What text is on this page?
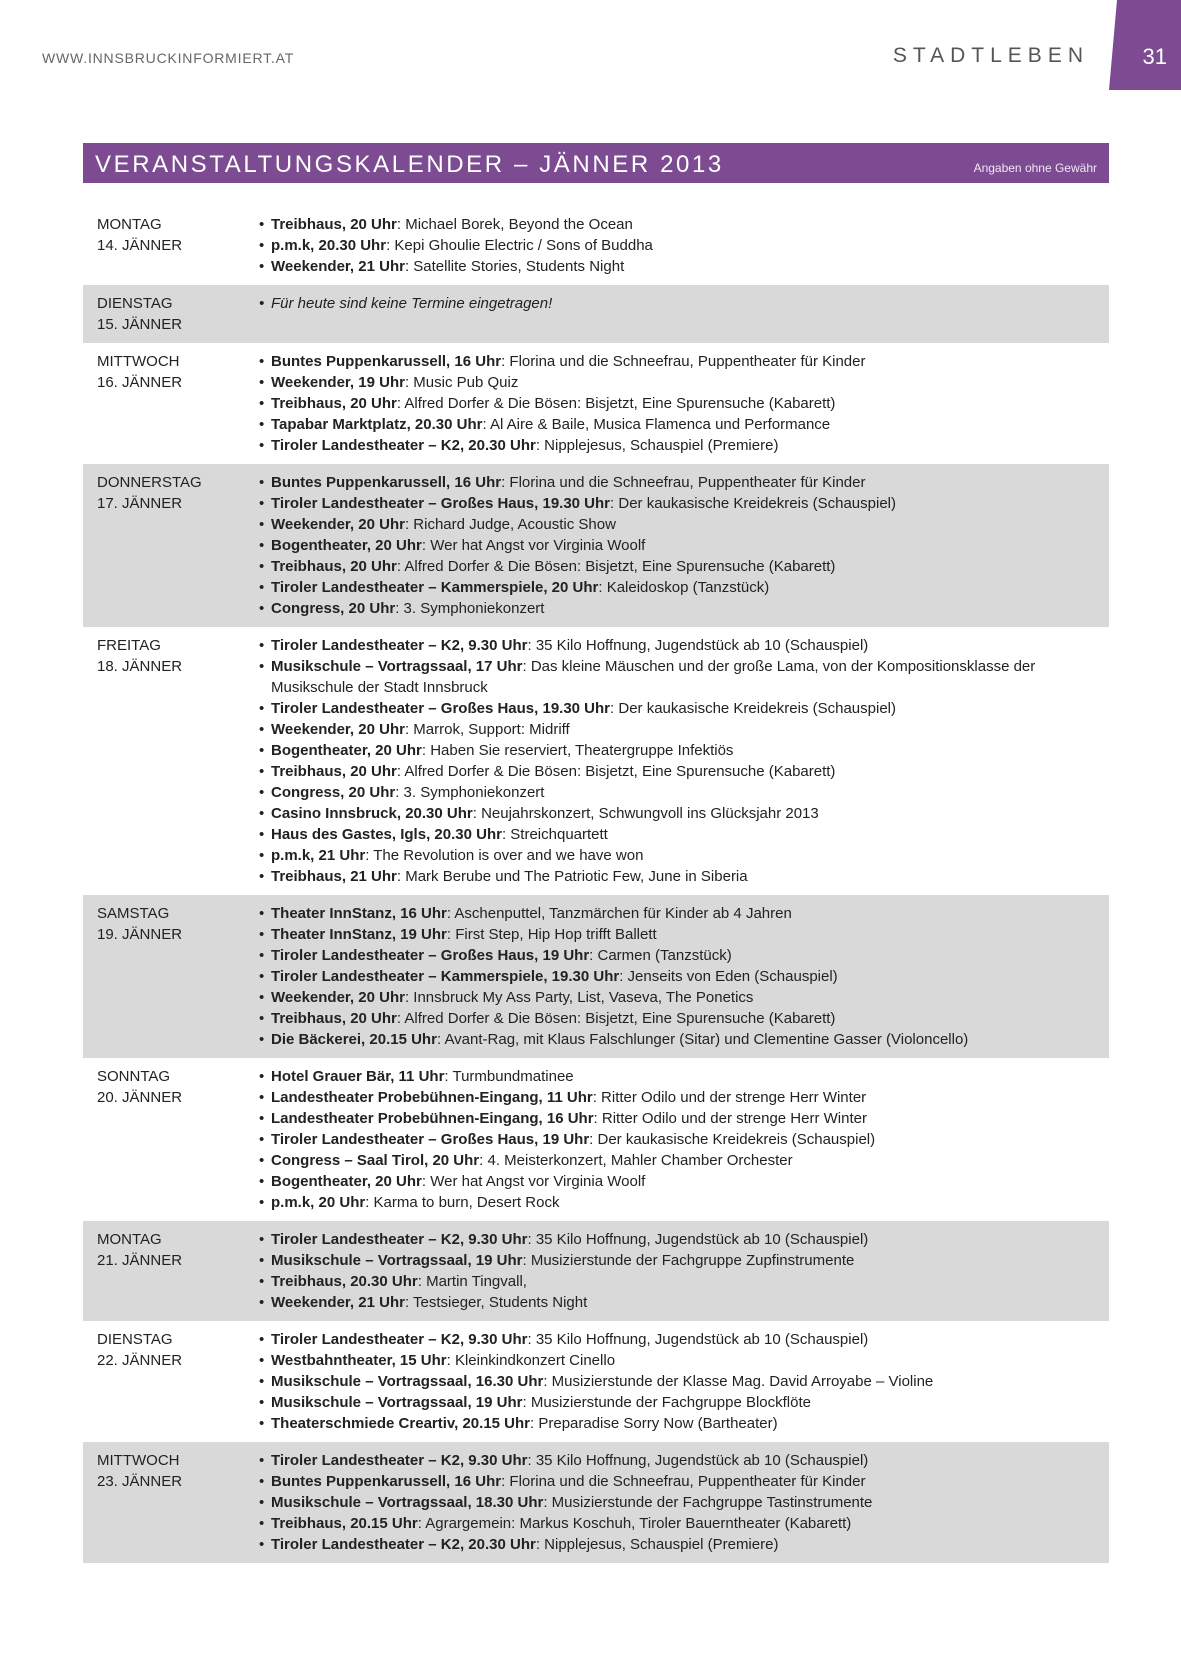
WWW.INNSBRUCKINFORMIERT.AT	STADTLEBEN 31
VERANSTALTUNGSKALENDER – JÄNNER 2013	Angaben ohne Gewähr
MONTAG
14. JÄNNER
• Treibhaus, 20 Uhr: Michael Borek, Beyond the Ocean
• p.m.k, 20.30 Uhr: Kepi Ghoulie Electric / Sons of Buddha
• Weekender, 21 Uhr: Satellite Stories, Students Night
DIENSTAG
15. JÄNNER
• Für heute sind keine Termine eingetragen!
MITTWOCH
16. JÄNNER
• Buntes Puppenkarussell, 16 Uhr: Florina und die Schneefrau, Puppentheater für Kinder
• Weekender, 19 Uhr: Music Pub Quiz
• Treibhaus, 20 Uhr: Alfred Dorfer & Die Bösen: Bisjetzt, Eine Spurensuche (Kabarett)
• Tapabar Marktplatz, 20.30 Uhr: Al Aire & Baile, Musica Flamenca und Performance
• Tiroler Landestheater – K2, 20.30 Uhr: Nipplejesus, Schauspiel (Premiere)
DONNERSTAG
17. JÄNNER
• Buntes Puppenkarussell, 16 Uhr: Florina und die Schneefrau, Puppentheater für Kinder
• Tiroler Landestheater – Großes Haus, 19.30 Uhr: Der kaukasische Kreidekreis (Schauspiel)
• Weekender, 20 Uhr: Richard Judge, Acoustic Show
• Bogentheater, 20 Uhr: Wer hat Angst vor Virginia Woolf
• Treibhaus, 20 Uhr: Alfred Dorfer & Die Bösen: Bisjetzt, Eine Spurensuche (Kabarett)
• Tiroler Landestheater – Kammerspiele, 20 Uhr: Kaleidoskop (Tanzstück)
• Congress, 20 Uhr: 3. Symphoniekonzert
FREITAG
18. JÄNNER
• Tiroler Landestheater – K2, 9.30 Uhr: 35 Kilo Hoffnung, Jugendstück ab 10 (Schauspiel)
• Musikschule – Vortragssaal, 17 Uhr: Das kleine Mäuschen und der große Lama, von der Kompositionsklasse der Musikschule der Stadt Innsbruck
• Tiroler Landestheater – Großes Haus, 19.30 Uhr: Der kaukasische Kreidekreis (Schauspiel)
• Weekender, 20 Uhr: Marrok, Support: Midriff
• Bogentheater, 20 Uhr: Haben Sie reserviert, Theatergruppe Infektiös
• Treibhaus, 20 Uhr: Alfred Dorfer & Die Bösen: Bisjetzt, Eine Spurensuche (Kabarett)
• Congress, 20 Uhr: 3. Symphoniekonzert
• Casino Innsbruck, 20.30 Uhr: Neujahrskonzert, Schwungvoll ins Glücksjahr 2013
• Haus des Gastes, Igls, 20.30 Uhr: Streichquartett
• p.m.k, 21 Uhr: The Revolution is over and we have won
• Treibhaus, 21 Uhr: Mark Berube und The Patriotic Few, June in Siberia
SAMSTAG
19. JÄNNER
• Theater InnStanz, 16 Uhr: Aschenputtel, Tanzmärchen für Kinder ab 4 Jahren
• Theater InnStanz, 19 Uhr: First Step, Hip Hop trifft Ballett
• Tiroler Landestheater – Großes Haus, 19 Uhr: Carmen (Tanzstück)
• Tiroler Landestheater – Kammerspiele, 19.30 Uhr: Jenseits von Eden (Schauspiel)
• Weekender, 20 Uhr: Innsbruck My Ass Party, List, Vaseva, The Ponetics
• Treibhaus, 20 Uhr: Alfred Dorfer & Die Bösen: Bisjetzt, Eine Spurensuche (Kabarett)
• Die Bäckerei, 20.15 Uhr: Avant-Rag, mit Klaus Falschlunger (Sitar) und Clementine Gasser (Violoncello)
SONNTAG
20. JÄNNER
• Hotel Grauer Bär, 11 Uhr: Turmbundmatinee
• Landestheater Probebühnen-Eingang, 11 Uhr: Ritter Odilo und der strenge Herr Winter
• Landestheater Probebühnen-Eingang, 16 Uhr: Ritter Odilo und der strenge Herr Winter
• Tiroler Landestheater – Großes Haus, 19 Uhr: Der kaukasische Kreidekreis (Schauspiel)
• Congress – Saal Tirol, 20 Uhr: 4. Meisterkonzert, Mahler Chamber Orchester
• Bogentheater, 20 Uhr: Wer hat Angst vor Virginia Woolf
• p.m.k, 20 Uhr: Karma to burn, Desert Rock
MONTAG
21. JÄNNER
• Tiroler Landestheater – K2, 9.30 Uhr: 35 Kilo Hoffnung, Jugendstück ab 10 (Schauspiel)
• Musikschule – Vortragssaal, 19 Uhr: Musizierstunde der Fachgruppe Zupfinstrumente
• Treibhaus, 20.30 Uhr: Martin Tingvall,
• Weekender, 21 Uhr: Testsieger, Students Night
DIENSTAG
22. JÄNNER
• Tiroler Landestheater – K2, 9.30 Uhr: 35 Kilo Hoffnung, Jugendstück ab 10 (Schauspiel)
• Westbahntheater, 15 Uhr: Kleinkindkonzert Cinello
• Musikschule – Vortragssaal, 16.30 Uhr: Musizierstunde der Klasse Mag. David Arroyabe – Violine
• Musikschule – Vortragssaal, 19 Uhr: Musizierstunde der Fachgruppe Blockflöte
• Theaterschmiede Creartiv, 20.15 Uhr: Preparadise Sorry Now (Bartheater)
MITTWOCH
23. JÄNNER
• Tiroler Landestheater – K2, 9.30 Uhr: 35 Kilo Hoffnung, Jugendstück ab 10 (Schauspiel)
• Buntes Puppenkarussell, 16 Uhr: Florina und die Schneefrau, Puppentheater für Kinder
• Musikschule – Vortragssaal, 18.30 Uhr: Musizierstunde der Fachgruppe Tastinstrumente
• Treibhaus, 20.15 Uhr: Agrargemein: Markus Koschuh, Tiroler Bauerntheater (Kabarett)
• Tiroler Landestheater – K2, 20.30 Uhr: Nipplejesus, Schauspiel (Premiere)
